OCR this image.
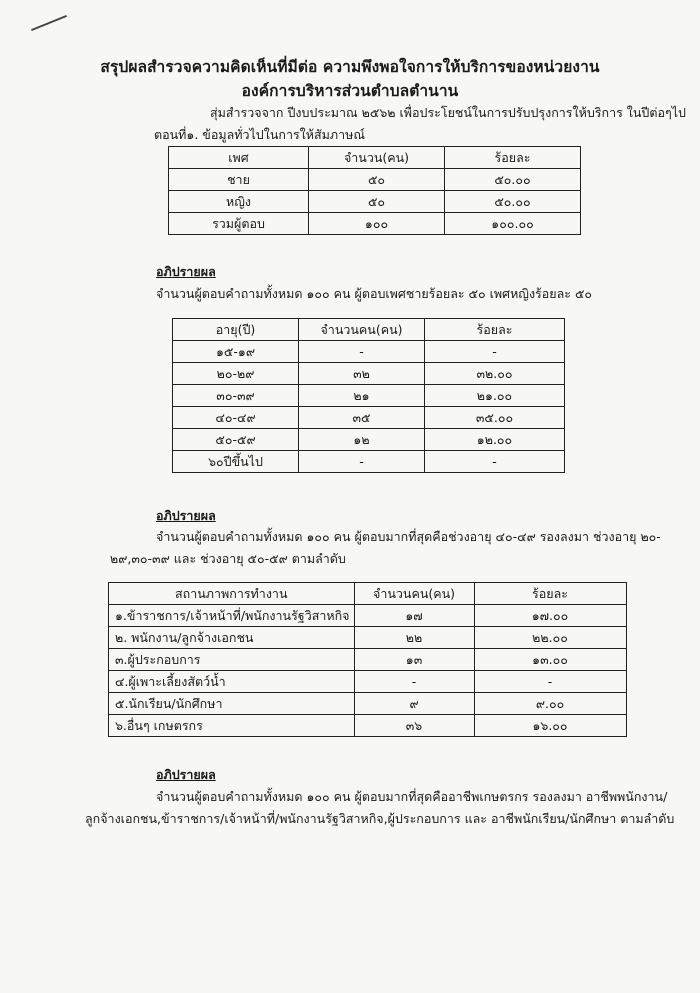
สรุปผลสำรวจความคิดเห็นที่มีต่อ ความพึงพอใจการให้บริการของหน่วยงาน
องค์การบริหารส่วนตำบลตำนาน
สุ่มสำรวจจาก ปีงบประมาณ ๒๕๖๒ เพื่อประโยชน์ในการปรับปรุงการให้บริการ ในปีต่อๆไป
ตอนที่๑. ข้อมูลทั่วไปในการให้สัมภาษณ์
เพศ	จำนวน(คน)	ร้อยละ
ชาย	๕๐	๕๐.๐๐
หญิง	๕๐	๕๐.๐๐
รวมผู้ตอบ	๑๐๐	๑๐๐.๐๐
อภิปรายผล
จำนวนผู้ตอบคำถามทั้งหมด ๑๐๐ คน ผู้ตอบเพศชายร้อยละ ๕๐ เพศหญิงร้อยละ ๕๐
อายุ(ปี)	จำนวนคน(คน)	ร้อยละ
๑๕-๑๙	-	-
๒๐-๒๙	๓๒	๓๒.๐๐
๓๐-๓๙	๒๑	๒๑.๐๐
๔๐-๔๙	๓๕	๓๕.๐๐
๕๐-๕๙	๑๒	๑๒.๐๐
๖๐ปีขึ้นไป	-	-
อภิปรายผล
จำนวนผู้ตอบคำถามทั้งหมด ๑๐๐ คน ผู้ตอบมากที่สุดคือช่วงอายุ ๔๐-๔๙ รองลงมา ช่วงอายุ ๒๐-
๒๙,๓๐-๓๙ และ ช่วงอายุ ๕๐-๕๙ ตามลำดับ
สถานภาพการทำงาน	จำนวนคน(คน)	ร้อยละ
๑.ข้าราชการ/เจ้าหน้าที่/พนักงานรัฐวิสาหกิจ	๑๗	๑๗.๐๐
๒. พนักงาน/ลูกจ้างเอกชน	๒๒	๒๒.๐๐
๓.ผู้ประกอบการ	๑๓	๑๓.๐๐
๔.ผู้เพาะเลี้ยงสัตว์น้ำ	-	-
๕.นักเรียน/นักศึกษา	๙	๙.๐๐
๖.อื่นๆ เกษตรกร	๓๖	๑๖.๐๐
อภิปรายผล
จำนวนผู้ตอบคำถามทั้งหมด ๑๐๐ คน ผู้ตอบมากที่สุดคืออาชีพเกษตรกร รองลงมา อาชีพพนักงาน/
ลูกจ้างเอกชน,ข้าราชการ/เจ้าหน้าที่/พนักงานรัฐวิสาหกิจ,ผู้ประกอบการ และ อาชีพนักเรียน/นักศึกษา ตามลำดับ
